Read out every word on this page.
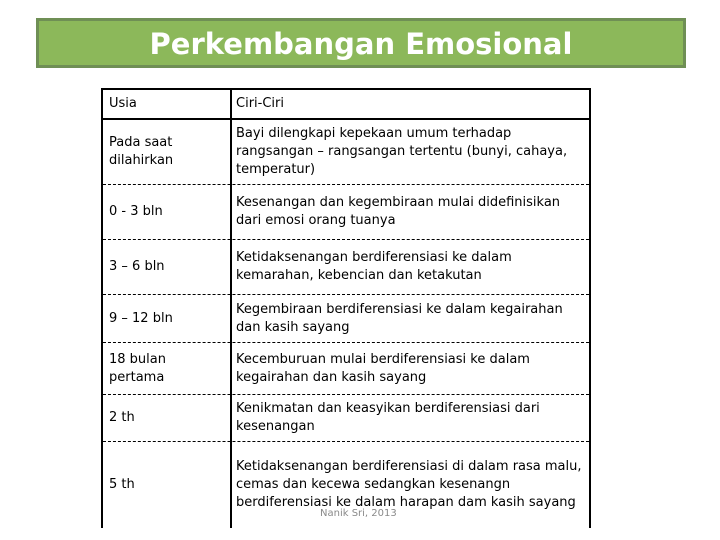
Perkembangan Emosional
Usia	Ciri-Ciri
Pada saat dilahirkan
Bayi dilengkapi kepekaan umum terhadap rangsangan – rangsangan tertentu (bunyi, cahaya, temperatur)
0 - 3 bln
Kesenangan dan kegembiraan mulai didefinisikan dari emosi orang tuanya
3 – 6 bln
Ketidaksenangan berdiferensiasi ke dalam kemarahan, kebencian dan ketakutan
9 – 12 bln
Kegembiraan berdiferensiasi ke dalam kegairahan dan kasih sayang
18 bulan pertama
Kecemburuan mulai berdiferensiasi ke dalam kegairahan dan kasih sayang
2 th
Kenikmatan dan keasyikan berdiferensiasi dari kesenangan
5 th
Ketidaksenangan berdiferensiasi di dalam rasa malu, cemas dan kecewa sedangkan kesenangn berdiferensiasi ke dalam harapan dam kasih sayang
Nanik Sri, 2013
